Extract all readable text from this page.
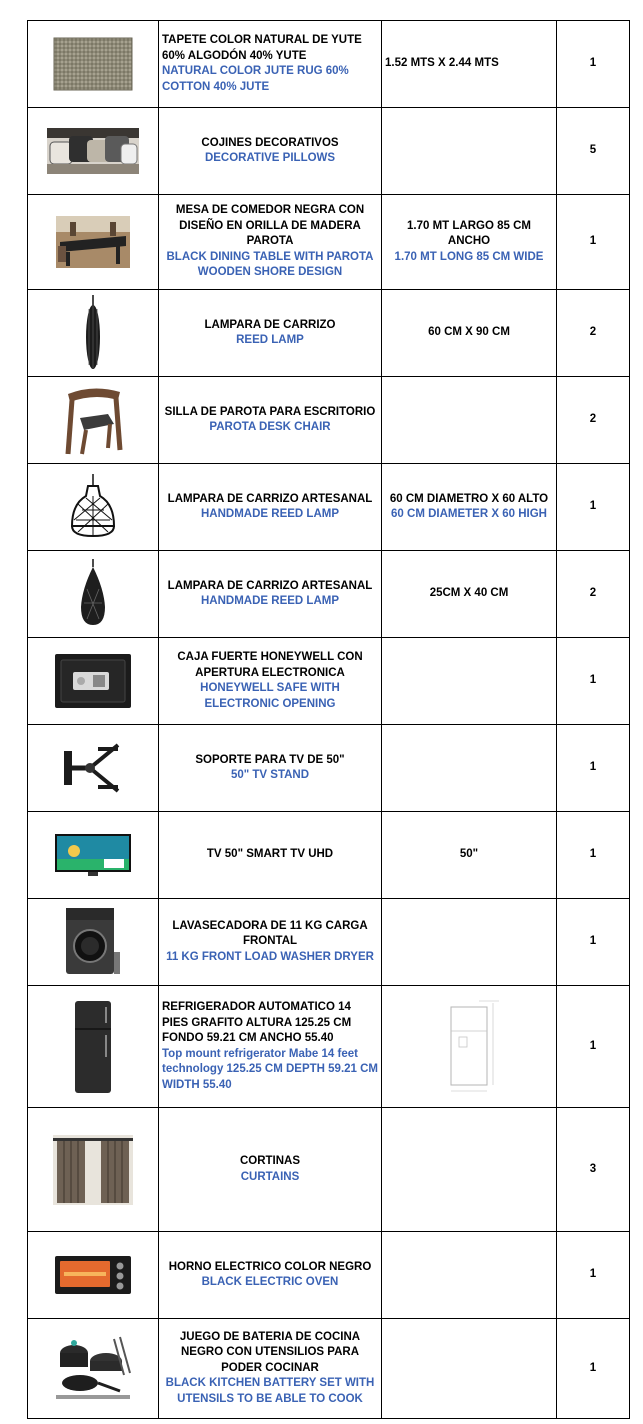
TAPETE COLOR NATURAL DE YUTE 60% ALGODÓN 40% YUTE
NATURAL COLOR JUTE RUG 60% COTTON 40% JUTE	1.52 MTS X 2.44 MTS	1

COJINES DECORATIVOS
DECORATIVE PILLOWS		5

MESA DE COMEDOR NEGRA CON DISEÑO EN ORILLA DE MADERA PAROTA
BLACK DINING TABLE WITH PAROTA WOODEN SHORE DESIGN	1.70 MT LARGO 85 CM ANCHO
1.70 MT LONG 85 CM WIDE	1

LAMPARA DE CARRIZO
REED LAMP	60 CM X 90 CM	2

SILLA DE PAROTA PARA ESCRITORIO
PAROTA DESK CHAIR		2

LAMPARA DE CARRIZO ARTESANAL
HANDMADE REED LAMP	60 CM DIAMETRO X 60 ALTO
60 CM DIAMETER X 60 HIGH	1

LAMPARA DE CARRIZO ARTESANAL
HANDMADE REED LAMP	25CM X 40 CM	2

CAJA FUERTE HONEYWELL CON APERTURA ELECTRONICA
HONEYWELL SAFE WITH ELECTRONIC OPENING		1

SOPORTE PARA TV DE 50"
50" TV STAND		1

TV 50" SMART TV UHD	50"	1

LAVASECADORA DE 11 KG CARGA FRONTAL
11 KG FRONT LOAD WASHER DRYER		1

REFRIGERADOR AUTOMATICO 14 PIES GRAFITO ALTURA 125.25 CM FONDO 59.21 CM ANCHO 55.40
Top mount refrigerator Mabe 14 feet technology 125.25 CM DEPTH 59.21 CM WIDTH 55.40		1

CORTINAS
CURTAINS		3

HORNO ELECTRICO COLOR NEGRO
BLACK ELECTRIC OVEN		1

JUEGO DE BATERIA DE COCINA NEGRO CON UTENSILIOS PARA PODER COCINAR
BLACK KITCHEN BATTERY SET WITH UTENSILS TO BE ABLE TO COOK		1
